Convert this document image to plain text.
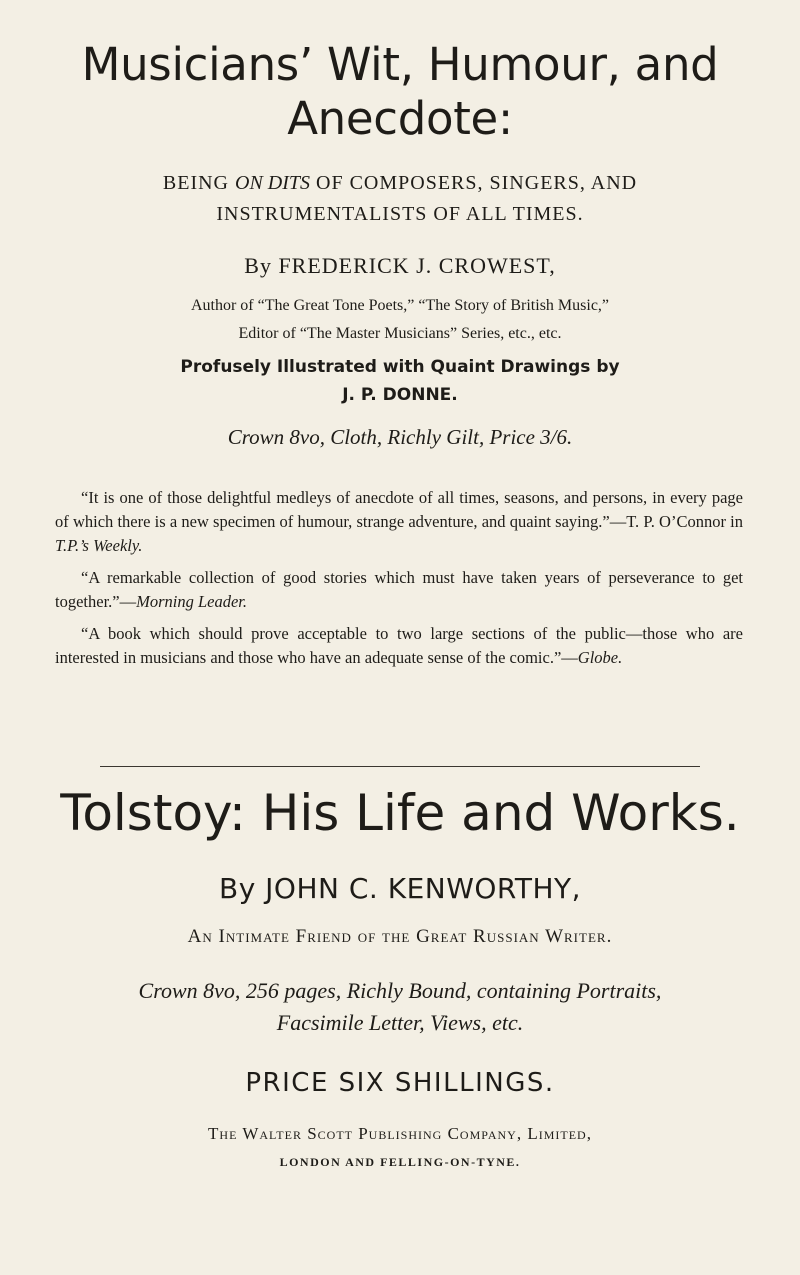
Musicians’ Wit, Humour, and
Anecdote:
BEING ON DITS OF COMPOSERS, SINGERS, AND
INSTRUMENTALISTS OF ALL TIMES.
By FREDERICK J. CROWEST,
Author of “The Great Tone Poets,” “The Story of British Music,”
Editor of “The Master Musicians” Series, etc., etc.
Profusely Illustrated with Quaint Drawings by
J. P. DONNE.
Crown 8vo, Cloth, Richly Gilt, Price 3/6.

“It is one of those delightful medleys of anecdote of all times, seasons, and persons, in every page of which there is a new specimen of humour, strange adventure, and quaint saying.”—T. P. O’Connor in T.P.’s Weekly.

“A remarkable collection of good stories which must have taken years of perseverance to get together.”—Morning Leader.

“A book which should prove acceptable to two large sections of the public—those who are interested in musicians and those who have an adequate sense of the comic.”—Globe.

Tolstoy: His Life and Works.
By JOHN C. KENWORTHY,
An Intimate Friend of the Great Russian Writer.
Crown 8vo, 256 pages, Richly Bound, containing Portraits,
Facsimile Letter, Views, etc.
PRICE SIX SHILLINGS.
The Walter Scott Publishing Company, Limited,
LONDON AND FELLING-ON-TYNE.
